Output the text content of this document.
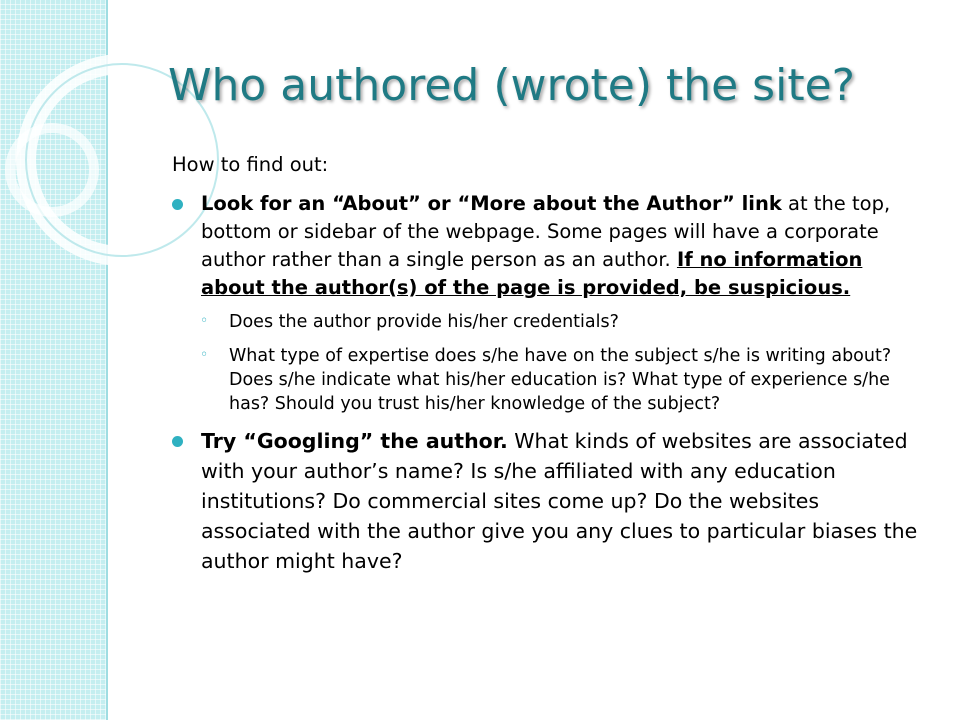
Who authored (wrote) the site?

How to find out:

Look for an “About” or “More about the Author” link at the top, bottom or sidebar of the webpage. Some pages will have a corporate author rather than a single person as an author. If no information about the author(s) of the page is provided, be suspicious.
◦ Does the author provide his/her credentials?
◦ What type of expertise does s/he have on the subject s/he is writing about? Does s/he indicate what his/her education is? What type of experience s/he has? Should you trust his/her knowledge of the subject?
Try “Googling” the author. What kinds of websites are associated with your author’s name? Is s/he affiliated with any education institutions? Do commercial sites come up? Do the websites associated with the author give you any clues to particular biases the author might have?
